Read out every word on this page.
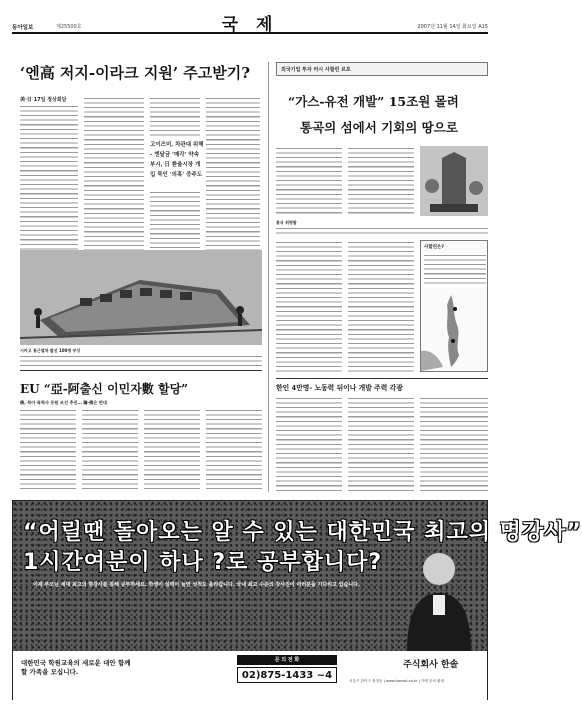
동아일보	제25500호	국 제	2007년 11월 14일 화요일 A15
‘엔高 저지-이라크 지원’ 주고받기?
美·日 17일 정상회담
고이즈미, 차관대 위해 - 엔달금 ‘매각’ 약속 부시, 日 환율시장 개입 묵인 ‘의혹’ 증주도
시카고 통근열차 탈선 100명 부상
EU “亞-阿출신 이민자數 할당”
佛, 북아 폭력사 등원 조건 추진… 獨-佛은 반대
외국기업 투자 러시 사할린 르포
“가스-유전 개발” 15조원 몰려
통곡의 섬에서 기회의 땅으로
통곡 위령탑
사할린은?
한인 4만명- 노동력 뒤이나 개발 주력 각광
“어릴땐 돌아오는 알 수 있는 대한민국 최고의 명강사”
1시간여분이 하나 ?로 공부합니다?
이제 부모님 세대 최고의 명강사를 통해 공부하세요. 학생이 실력이 늘면 성적도 올라갑니다. 국내 최고 수준의 강사진이 여러분을 기다리고 있습니다.
대한민국 학원교육의 새로운 대안 함께 할 가족을 모십니다.
문 의 전 화
02)875-1433 ~4
주식회사 한솔
서울시 관악구 봉천동 | www.hansol.co.kr | 가맹 문의 환영
